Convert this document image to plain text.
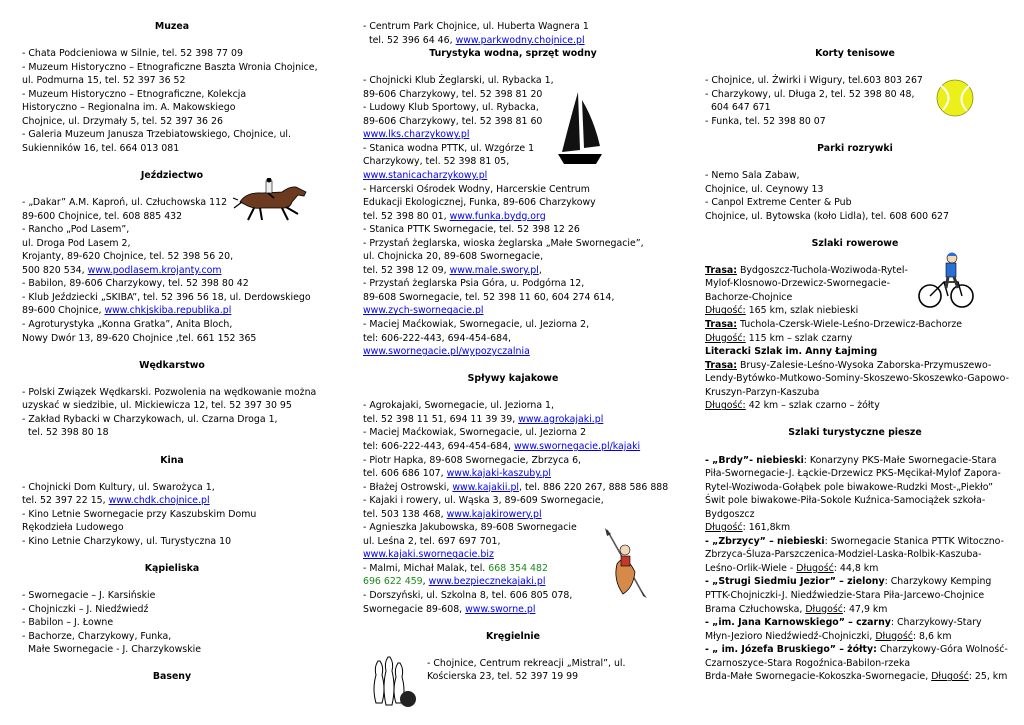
Muzea
- Chata Podcieniowa w Silnie, tel. 52 398 77 09
- Muzeum Historyczno – Etnograficzne Baszta Wronia Chojnice,
ul. Podmurna 15, tel. 52 397 36 52
- Muzeum Historyczno – Etnograficzne, Kolekcja
Historyczno – Regionalna im. A. Makowskiego
Chojnice, ul. Drzymały 5, tel. 52 397 36 26
- Galeria Muzeum Janusza Trzebiatowskiego, Chojnice, ul.
Sukienników 16, tel. 664 013 081
Jeździectwo
- „Dakar” A.M. Kaproń, ul. Człuchowska 112
89-600 Chojnice, tel. 608 885 432
- Rancho „Pod Lasem”,
ul. Droga Pod Lasem 2,
Krojanty, 89-620 Chojnice, tel. 52 398 56 20,
500 820 534, www.podlasem.krojanty.com
- Babilon, 89-606 Charzykowy, tel. 52 398 80 42
- Klub Jeździecki „SKIBA”, tel. 52 396 56 18, ul. Derdowskiego
89-600 Chojnice, www.chkjskiba.republika.pl
- Agroturystyka „Konna Gratka”, Anita Bloch,
Nowy Dwór 13, 89-620 Chojnice ,tel. 661 152 365
Wędkarstwo
- Polski Związek Wędkarski. Pozwolenia na wędkowanie można
uzyskać w siedzibie, ul. Mickiewicza 12, tel. 52 397 30 95
- Zakład Rybacki w Charzykowach, ul. Czarna Droga 1,
tel. 52 398 80 18
Kina
- Chojnicki Dom Kultury, ul. Swarożyca 1,
tel. 52 397 22 15, www.chdk.chojnice.pl
- Kino Letnie Swornegacie przy Kaszubskim Domu
Rękodzieła Ludowego
- Kino Letnie Charzykowy, ul. Turystyczna 10
Kąpieliska
- Swornegacie – J. Karsińskie
- Chojniczki – J. Niedźwiedź
- Babilon – J. Łowne
- Bachorze, Charzykowy, Funka,
Małe Swornegacie - J. Charzykowskie
Baseny
- Centrum Park Chojnice, ul. Huberta Wagnera 1
tel. 52 396 64 46, www.parkwodny.chojnice.pl
Turystyka wodna, sprzęt wodny
- Chojnicki Klub Żeglarski, ul. Rybacka 1,
89-606 Charzykowy, tel. 52 398 81 20
- Ludowy Klub Sportowy, ul. Rybacka,
89-606 Charzykowy, tel. 52 398 81 60
www.lks.charzykowy.pl
- Stanica wodna PTTK, ul. Wzgórze 1
Charzykowy, tel. 52 398 81 05,
www.stanicacharzykowy.pl
- Harcerski Ośrodek Wodny, Harcerskie Centrum
Edukacji Ekologicznej, Funka, 89-606 Charzykowy
tel. 52 398 80 01, www.funka.bydg.org
- Stanica PTTK Swornegacie, tel. 52 398 12 26
- Przystań żeglarska, wioska żeglarska „Małe Swornegacie”,
ul. Chojnicka 20, 89-608 Swornegacie,
tel. 52 398 12 09, www.male.swory.pl,
- Przystań żeglarska Psia Góra, u. Podgórna 12,
89-608 Swornegacie, tel. 52 398 11 60, 604 274 614,
www.zych-swornegacie.pl
- Maciej Maćkowiak, Swornegacie, ul. Jeziorna 2,
tel: 606-222-443, 694-454-684,
www.swornegacie.pl/wypozyczalnia
Spływy kajakowe
- Agrokajaki, Swornegacie, ul. Jeziorna 1,
tel. 52 398 11 51, 694 11 39 39, www.agrokajaki.pl
- Maciej Maćkowiak, Swornegacie, ul. Jeziorna 2
tel: 606-222-443, 694-454-684, www.swornegacie.pl/kajaki
- Piotr Hapka, 89-608 Swornegacie, Zbrzyca 6,
tel. 606 686 107, www.kajaki-kaszuby.pl
- Błażej Ostrowski, www.kajakii.pl, tel. 886 220 267, 888 586 888
- Kajaki i rowery, ul. Wąska 3, 89-609 Swornegacie,
tel. 503 138 468, www.kajakirowery.pl
- Agnieszka Jakubowska, 89-608 Swornegacie
ul. Leśna 2, tel. 697 697 701,
www.kajaki.swornegacie.biz
- Malmi, Michał Malak, tel. 668 354 482
696 622 459, www.bezpiecznekajaki.pl
- Dorszyński, ul. Szkolna 8, tel. 606 805 078,
Swornegacie 89-608, www.sworne.pl
Kręgielnie
- Chojnice, Centrum rekreacji „Mistral”, ul.
Kościerska 23, tel. 52 397 19 99
Korty tenisowe
- Chojnice, ul. Żwirki i Wigury, tel.603 803 267
- Charzykowy, ul. Długa 2, tel. 52 398 80 48,
604 647 671
- Funka, tel. 52 398 80 07
Parki rozrywki
- Nemo Sala Zabaw,
Chojnice, ul. Ceynowy 13
- Canpol Extreme Center & Pub
Chojnice, ul. Bytowska (koło Lidla), tel. 608 600 627
Szlaki rowerowe
Trasa: Bydgoszcz-Tuchola-Woziwoda-Rytel-
Mylof-Klosnowo-Drzewicz-Swornegacie-
Bachorze-Chojnice
Długość: 165 km, szlak niebieski
Trasa: Tuchola-Czersk-Wiele-Leśno-Drzewicz-Bachorze
Długość: 115 km – szlak czarny
Literacki Szlak im. Anny Łajming
Trasa: Brusy-Zalesie-Leśno-Wysoka Zaborska-Przymuszewo-
Lendy-Bytówko-Mutkowo-Sominy-Skoszewo-Skoszewko-Gapowo-
Kruszyn-Parzyn-Kaszuba
Długość: 42 km – szlak czarno – żółty
Szlaki turystyczne piesze
- „Brdy”- niebieski: Konarzyny PKS-Małe Swornegacie-Stara
Piła-Swornegacie-J. Łąckie-Drzewicz PKS-Męcikał-Mylof Zapora-
Rytel-Woziwoda-Gołąbek pole biwakowe-Rudzki Most-„Piekło”
Świt pole biwakowe-Piła-Sokole Kuźnica-Samociążek szkoła-
Bydgoszcz
Długość: 161,8km
- „Zbrzycy” – niebieski: Swornegacie Stanica PTTK Witoczno-
Zbrzyca-Śluza-Parszczenica-Modziel-Laska-Rolbik-Kaszuba-
Leśno-Orlik-Wiele - Długość: 44,8 km
- „Strugi Siedmiu Jezior” – zielony: Charzykowy Kemping
PTTK-Chojniczki-J. Niedźwiedzie-Stara Piła-Jarcewo-Chojnice
Brama Człuchowska, Długość: 47,9 km
- „im. Jana Karnowskiego” – czarny: Charzykowy-Stary
Młyn-Jezioro Niedźwiedź-Chojniczki, Długość: 8,6 km
- „ im. Józefa Bruskiego” – żółty: Charzykowy-Góra Wolność-
Czarnoszyce-Stara Rogoźnica-Babilon-rzeka
Brda-Małe Swornegacie-Kokoszka-Swornegacie, Długość: 25, km
